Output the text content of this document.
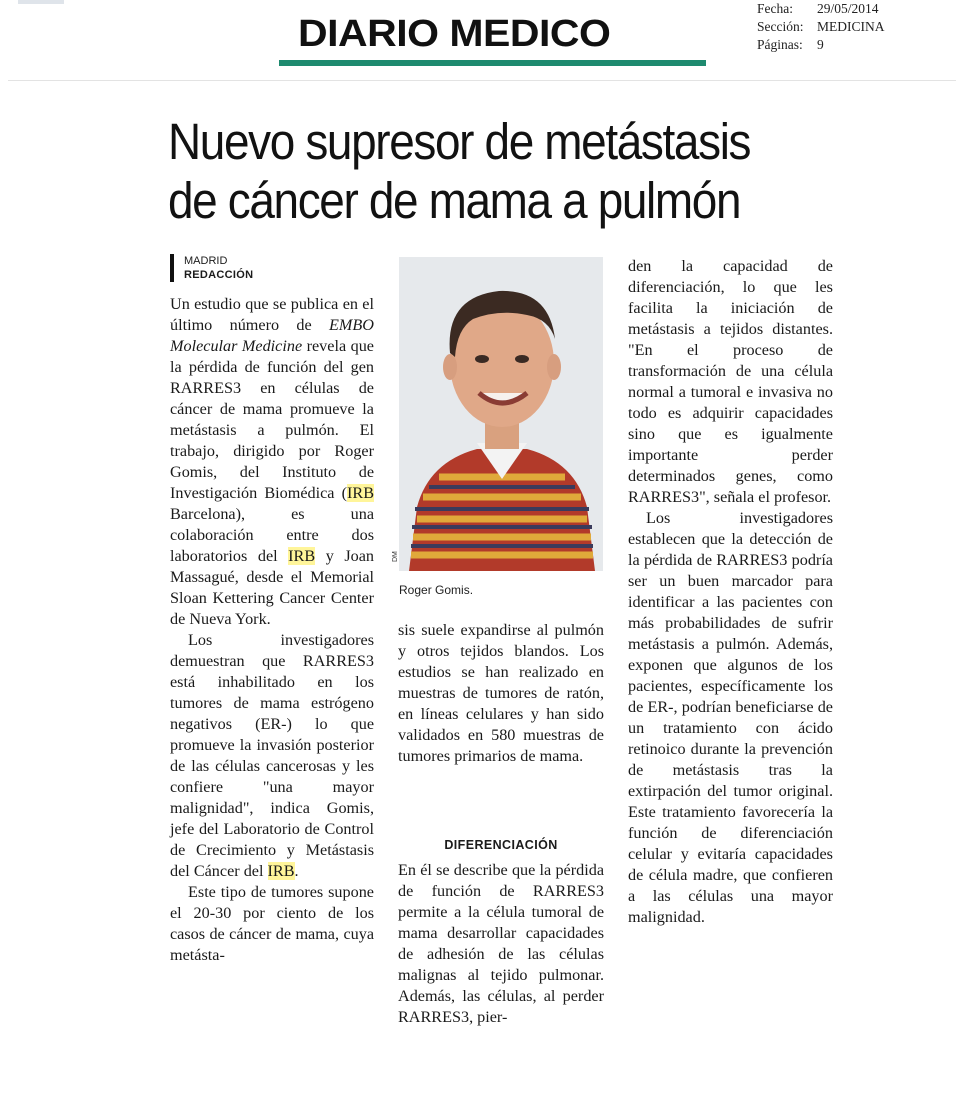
DIARIO MEDICO
Fecha:	29/05/2014
Sección:	MEDICINA
Páginas:	9
Nuevo supresor de metástasis
de cáncer de mama a pulmón
MADRID
REDACCIÓN

Un estudio que se publica en el último número de EMBO Molecular Medicine revela que la pérdida de función del gen RARRES3 en células de cáncer de mama promueve la metástasis a pulmón. El trabajo, dirigido por Roger Gomis, del Instituto de Investigación Biomédica (IRB Barcelona), es una colaboración entre dos laboratorios del IRB y Joan Massagué, desde el Memorial Sloan Kettering Cancer Center de Nueva York.

Los investigadores demuestran que RARRES3 está inhabilitado en los tumores de mama estrógeno negativos (ER-) lo que promueve la invasión posterior de las células cancerosas y les confiere "una mayor malignidad", indica Gomis, jefe del Laboratorio de Control de Crecimiento y Metástasis del Cáncer del IRB.

Este tipo de tumores supone el 20-30 por ciento de los casos de cáncer de mama, cuya metásta-

DM
Roger Gomis.

sis suele expandirse al pulmón y otros tejidos blandos. Los estudios se han realizado en muestras de tumores de ratón, en líneas celulares y han sido validados en 580 muestras de tumores primarios de mama.

DIFERENCIACIÓN

En él se describe que la pérdida de función de RARRES3 permite a la célula tumoral de mama desarrollar capacidades de adhesión de las células malignas al tejido pulmonar. Además, las células, al perder RARRES3, pier-

den la capacidad de diferenciación, lo que les facilita la iniciación de metástasis a tejidos distantes. "En el proceso de transformación de una célula normal a tumoral e invasiva no todo es adquirir capacidades sino que es igualmente importante perder determinados genes, como RARRES3", señala el profesor.

Los investigadores establecen que la detección de la pérdida de RARRES3 podría ser un buen marcador para identificar a las pacientes con más probabilidades de sufrir metástasis a pulmón. Además, exponen que algunos de los pacientes, específicamente los de ER-, podrían beneficiarse de un tratamiento con ácido retinoico durante la prevención de metástasis tras la extirpación del tumor original. Este tratamiento favorecería la función de diferenciación celular y evitaría capacidades de célula madre, que confieren a las células una mayor malignidad.
